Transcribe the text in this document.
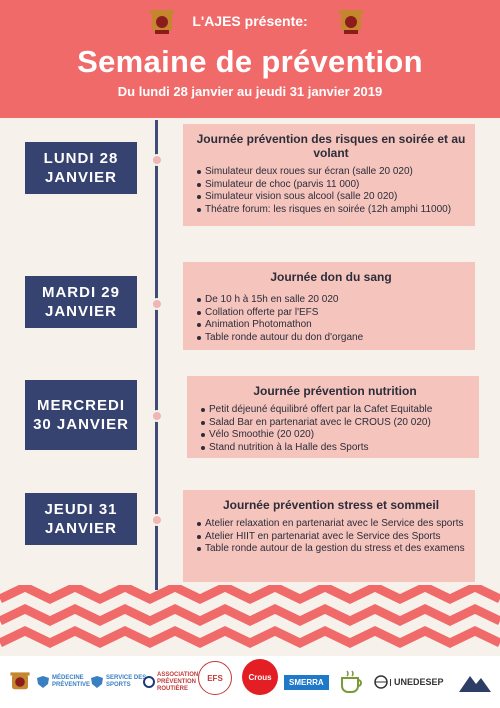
L'AJES présente:
Semaine de prévention
Du lundi 28 janvier au jeudi 31 janvier 2019
LUNDI 28 JANVIER
Journée prévention des risques en soirée et au volant
Simulateur deux roues sur écran (salle 20 020)
Simulateur de choc (parvis 11 000)
Simulateur vision sous alcool (salle 20 020)
Théatre forum: les risques en soirée (12h amphi 11000)
MARDI 29 JANVIER
Journée don du sang
De 10 h à 15h en salle 20 020
Collation offerte par l'EFS
Animation Photomathon
Table ronde autour du don d'organe
MERCREDI 30 JANVIER
Journée prévention nutrition
Petit déjeuné équilibré offert par la Cafet Equitable
Salad Bar en partenariat avec le CROUS (20 020)
Vélo Smoothie (20 020)
Stand nutrition à la Halle des Sports
JEUDI 31 JANVIER
Journée prévention stress et sommeil
Atelier relaxation en partenariat avec le Service des sports
Atelier HIIT en partenariat avec le Service des Sports
Table ronde autour de la gestion du stress et des examens
MÉDECINE PRÉVENTIVE
SERVICE DES SPORTS
ASSOCIATION PRÉVENTION ROUTIÈRE
EFS	Crous
SMERRA	UNEDESEP
